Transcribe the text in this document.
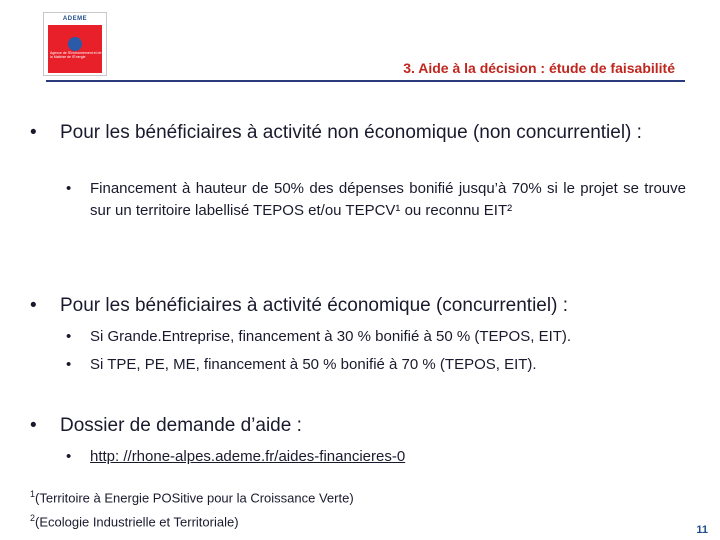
ADEME
Agence de l'Environnement et de la Maîtrise de l'Energie
3. Aide à la décision : étude de faisabilité
• Pour les bénéficiaires à activité non économique (non concurrentiel) :
• Financement à hauteur de 50% des dépenses bonifié jusqu’à 70% si le projet se trouve sur un territoire labellisé TEPOS et/ou TEPCV¹ ou reconnu EIT²
• Pour les bénéficiaires à activité économique (concurrentiel) :
• Si Grande.Entreprise, financement à 30 % bonifié à 50 % (TEPOS, EIT).
• Si TPE, PE, ME, financement à 50 % bonifié à 70 % (TEPOS, EIT).
• Dossier de demande d’aide :
• http: //rhone-alpes.ademe.fr/aides-financieres-0
$^1$(Territoire à Energie POSitive pour la Croissance Verte)
$^2$(Ecologie Industrielle et Territoriale)
11
